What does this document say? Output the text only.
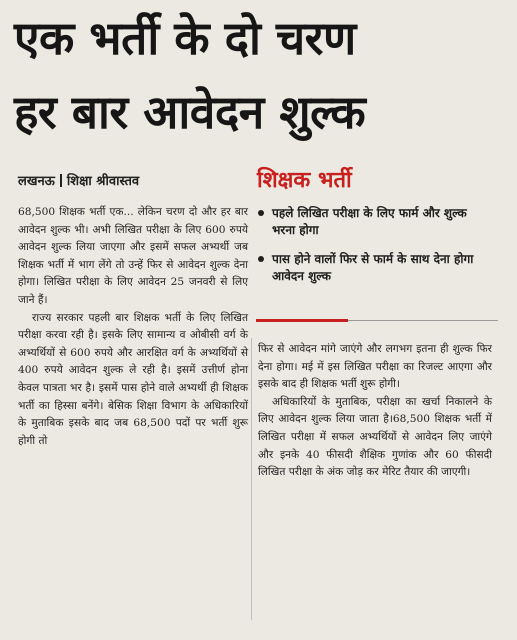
एक भर्ती के दो चरण
हर बार आवेदन शुल्क
लखनऊ शिक्षा श्रीवास्तव	शिक्षक भर्ती
पहले लिखित परीक्षा के लिए फार्म और शुल्क भरना होगा
पास होने वालों फिर से फार्म के साथ देना होगा आवेदन शुल्क

68,500 शिक्षक भर्ती एक... लेकिन चरण दो और हर बार आवेदन शुल्क भी। अभी लिखित परीक्षा के लिए 600 रुपये आवेदन शुल्क लिया जाएगा और इसमें सफल अभ्यर्थी जब शिक्षक भर्ती में भाग लेंगे तो उन्हें फिर से आवेदन शुल्क देना होगा। लिखित परीक्षा के लिए आवेदन 25 जनवरी से लिए जाने हैं।

राज्य सरकार पहली बार शिक्षक भर्ती के लिए लिखित परीक्षा करवा रही है। इसके लिए सामान्य व ओबीसी वर्ग के अभ्यर्थियों से 600 रुपये और आरक्षित वर्ग के अभ्यर्थियों से 400 रुपये आवेदन शुल्क ले रही है। इसमें उत्तीर्ण होना केवल पात्रता भर है। इसमें पास होने वाले अभ्यर्थी ही शिक्षक भर्ती का हिस्सा बनेंगे। बेसिक शिक्षा विभाग के अधिकारियों के मुताबिक इसके बाद जब 68,500 पदों पर भर्ती शुरू होगी तो

फिर से आवेदन मांगे जाएंगे और लगभग इतना ही शुल्क फिर देना होगा। मई में इस लिखित परीक्षा का रिजल्ट आएगा और इसके बाद ही शिक्षक भर्ती शुरू होगी।

अधिकारियों के मुताबिक, परीक्षा का खर्चा निकालने के लिए आवेदन शुल्क लिया जाता है।68,500 शिक्षक भर्ती में लिखित परीक्षा में सफल अभ्यर्थियों से आवेदन लिए जाएंगे और इनके 40 फीसदी शैक्षिक गुणांक और 60 फीसदी लिखित परीक्षा के अंक जोड़ कर मेरिट तैयार की जाएगी।
